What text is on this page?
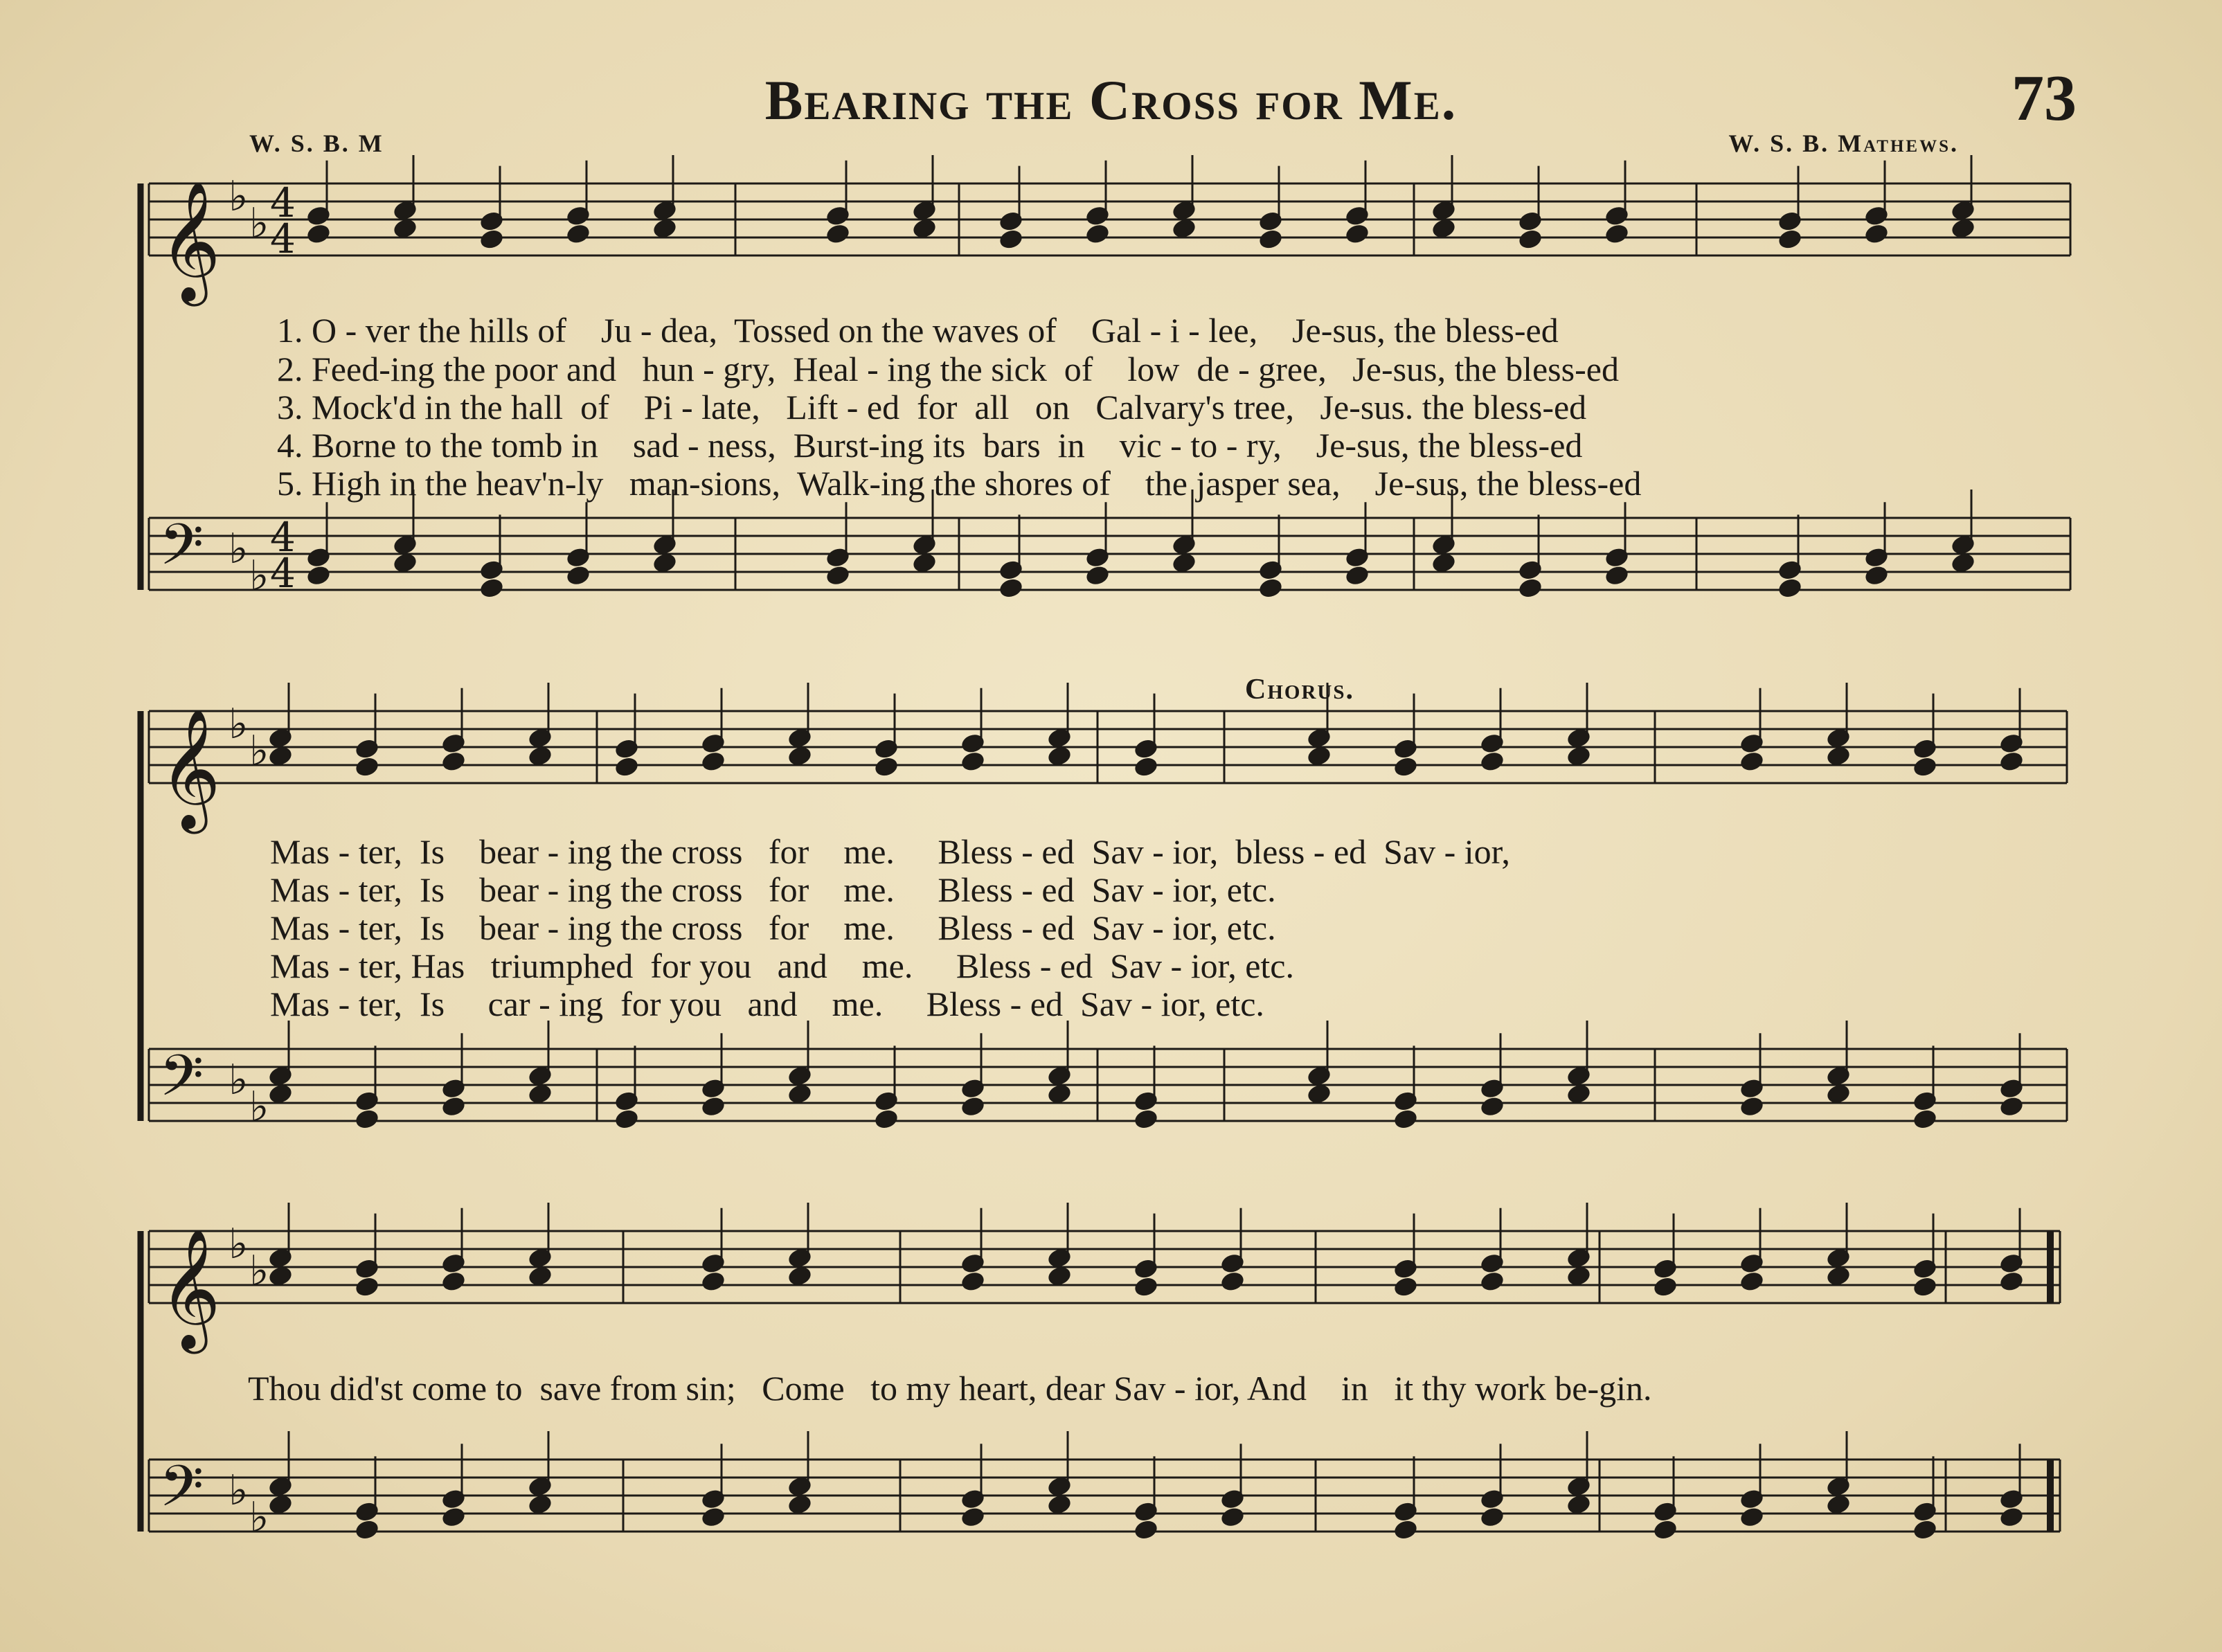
Bearing the Cross for Me.	73
W. S. B. M	W. S. B. Mathews.
𝄞 ♭
♭ 4
4
𝄢 ♭
♭
4
4
𝄞 ♭
♭
𝄢 ♭
♭
𝄞 ♭
♭
𝄢 ♭
♭
Chorus.
1. O - ver the hills of    Ju - dea,  Tossed on the waves of    Gal - i - lee,    Je-sus, the bless-ed
2. Feed-ing the poor and   hun - gry,  Heal - ing the sick  of    low  de - gree,   Je-sus, the bless-ed
3. Mock'd in the hall  of    Pi - late,   Lift - ed  for  all   on   Calvary's tree,   Je-sus. the bless-ed
4. Borne to the tomb in    sad - ness,  Burst-ing its  bars  in    vic - to - ry,    Je-sus, the bless-ed
5. High in the heav'n-ly   man-sions,  Walk-ing the shores of    the jasper sea,    Je-sus, the bless-ed
Mas - ter,  Is    bear - ing the cross   for    me.     Bless - ed  Sav - ior,  bless - ed  Sav - ior,
Mas - ter,  Is    bear - ing the cross   for    me.     Bless - ed  Sav - ior, etc.
Mas - ter,  Is    bear - ing the cross   for    me.     Bless - ed  Sav - ior, etc.
Mas - ter, Has   triumphed  for you   and    me.     Bless - ed  Sav - ior, etc.
Mas - ter,  Is     car - ing  for you   and    me.     Bless - ed  Sav - ior, etc.
Thou did'st come to  save from sin;   Come   to my heart, dear Sav - ior, And    in   it thy work be-gin.
